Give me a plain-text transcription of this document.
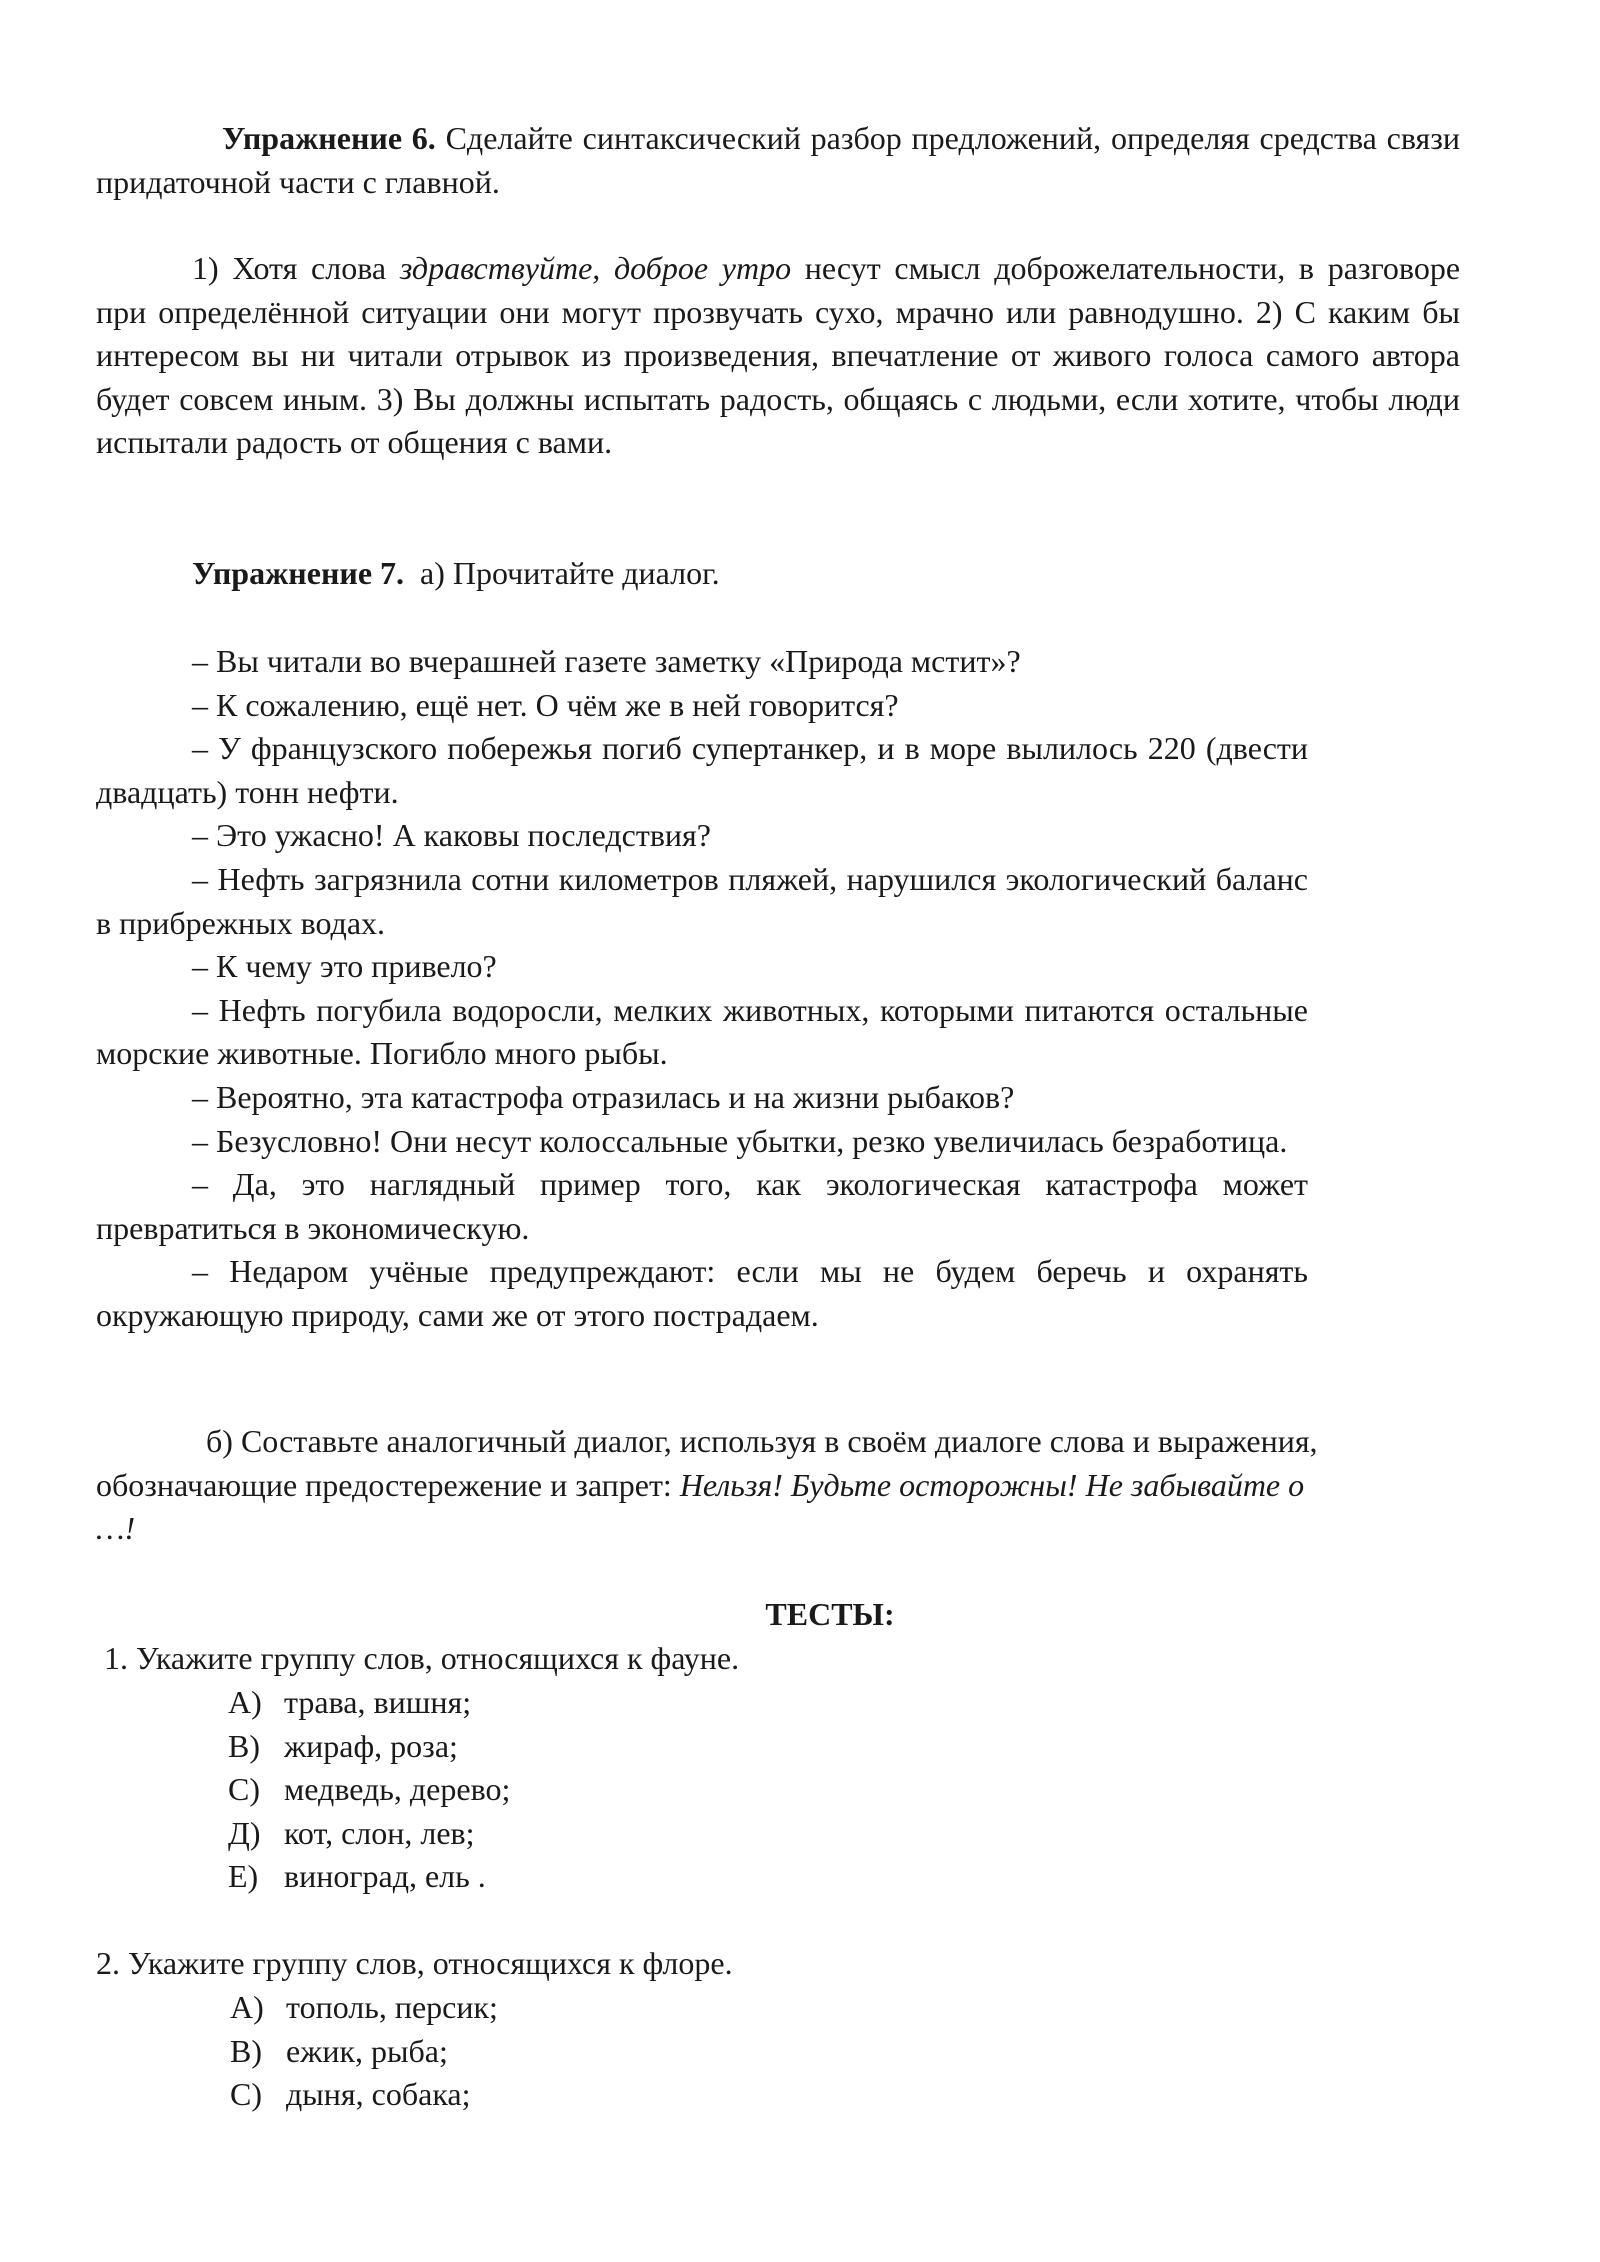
Упражнение 6. Сделайте синтаксический разбор предложений, определяя средства связи придаточной части с главной.

1) Хотя слова здравствуйте, доброе утро несут смысл доброжелательности, в разговоре при определённой ситуации они могут прозвучать сухо, мрачно или равнодушно. 2) С каким бы интересом вы ни читали отрывок из произведения, впечатление от живого голоса самого автора будет совсем иным. 3) Вы должны испытать радость, общаясь с людьми, если хотите, чтобы люди испытали радость от общения с вами.

Упражнение 7. а) Прочитайте диалог.

– Вы читали во вчерашней газете заметку «Природа мстит»?

– К сожалению, ещё нет. О чём же в ней говорится?

– У французского побережья погиб супертанкер, и в море вылилось 220 (двести двадцать) тонн нефти.

– Это ужасно! А каковы последствия?

– Нефть загрязнила сотни километров пляжей, нарушился экологический баланс в прибрежных водах.

– К чему это привело?

– Нефть погубила водоросли, мелких животных, которыми питаются остальные морские животные. Погибло много рыбы.

– Вероятно, эта катастрофа отразилась и на жизни рыбаков?

– Безусловно! Они несут колоссальные убытки, резко увеличилась безработица.

– Да, это наглядный пример того, как экологическая катастрофа может превратиться в экономическую.

– Недаром учёные предупреждают: если мы не будем беречь и охранять окружающую природу, сами же от этого пострадаем.

б) Составьте аналогичный диалог, используя в своём диалоге слова и выражения, обозначающие предостережение и запрет: Нельзя! Будьте осторожны! Не забывайте о …!

ТЕСТЫ:

1. Укажите группу слов, относящихся к фауне.

А) трава, вишня;
В) жираф, роза;
С) медведь, дерево;
Д) кот, слон, лев;
Е) виноград, ель .

2. Укажите группу слов, относящихся к флоре.

А) тополь, персик;
В) ежик, рыба;
С) дыня, собака;
